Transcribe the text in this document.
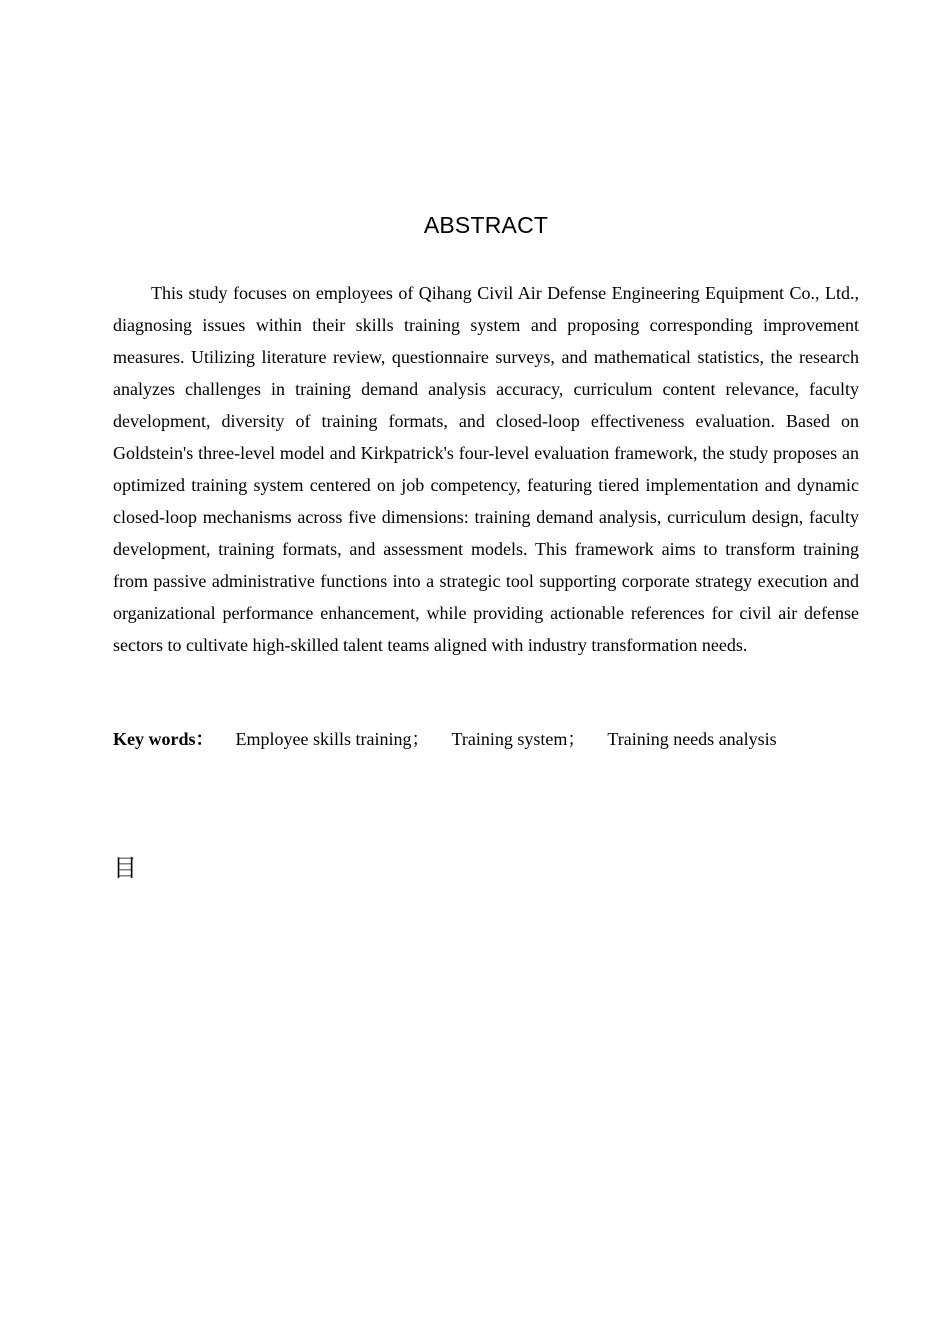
ABSTRACT

This study focuses on employees of Qihang Civil Air Defense Engineering Equipment Co., Ltd., diagnosing issues within their skills training system and proposing corresponding improvement measures. Utilizing literature review, questionnaire surveys, and mathematical statistics, the research analyzes challenges in training demand analysis accuracy, curriculum content relevance, faculty development, diversity of training formats, and closed-loop effectiveness evaluation. Based on Goldstein's three-level model and Kirkpatrick's four-level evaluation framework, the study proposes an optimized training system centered on job competency, featuring tiered implementation and dynamic closed-loop mechanisms across five dimensions: training demand analysis, curriculum design, faculty development, training formats, and assessment models. This framework aims to transform training from passive administrative functions into a strategic tool supporting corporate strategy execution and organizational performance enhancement, while providing actionable references for civil air defense sectors to cultivate high-skilled talent teams aligned with industry transformation needs.

Key words： Employee skills training； Training system； Training needs analysis

目
